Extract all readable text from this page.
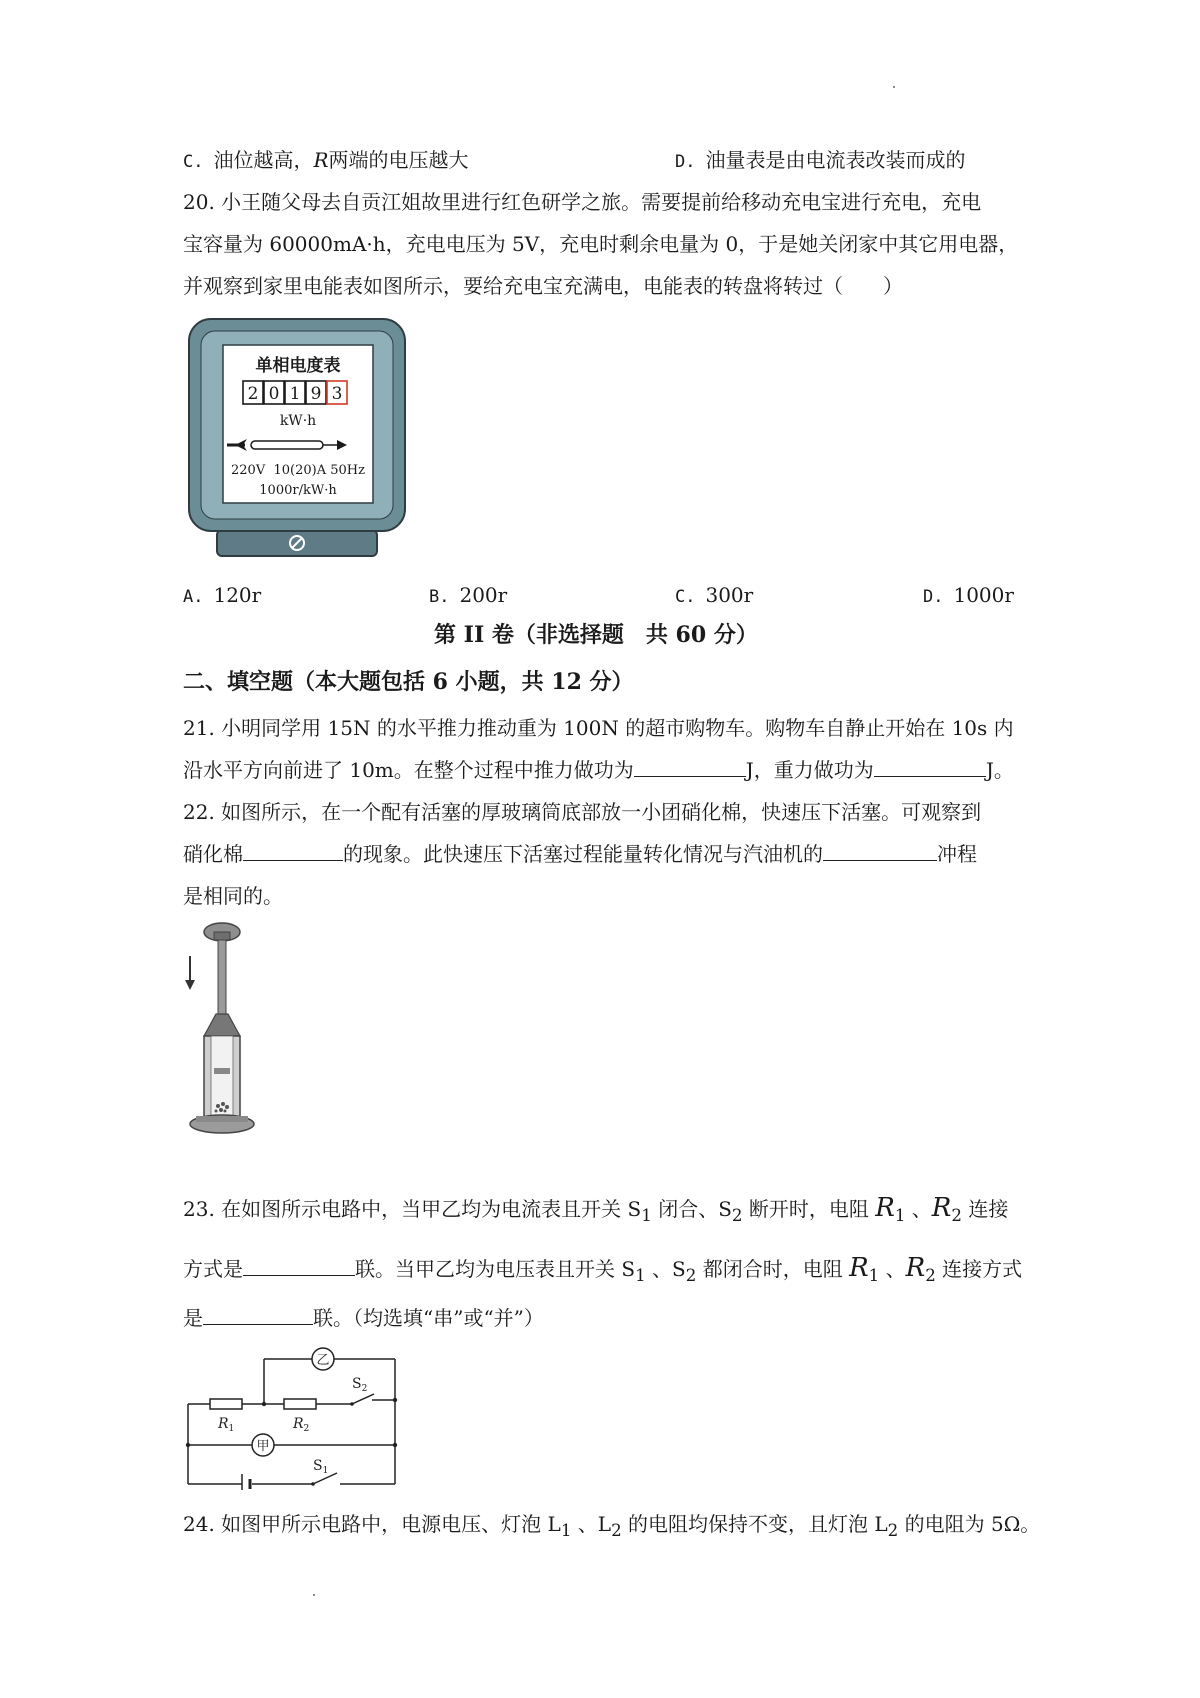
C. 油位越高，R两端的电压越大	D. 油量表是由电流表改装而成的
20. 小王随父母去自贡江姐故里进行红色研学之旅。需要提前给移动充电宝进行充电，充电
宝容量为 60000mA·h，充电电压为 5V，充电时剩余电量为 0，于是她关闭家中其它用电器，
并观察到家里电能表如图所示，要给充电宝充满电，电能表的转盘将转过（　　）
单相电度表
2 0 1 9 3
kW·h
220V  10(20)A 50Hz
1000r/kW·h
A. 120r	B. 200r	C. 300r	D. 1000r
第 II 卷（非选择题　共 60 分）
二、填空题（本大题包括 6 小题，共 12 分）
21. 小明同学用 15N 的水平推力推动重为 100N 的超市购物车。购物车自静止开始在 10s 内
沿水平方向前进了 10m。在整个过程中推力做功为	J，重力做功为	J。
22. 如图所示，在一个配有活塞的厚玻璃筒底部放一小团硝化棉，快速压下活塞。可观察到
硝化棉	的现象。此快速压下活塞过程能量转化情况与汽油机的	冲程
是相同的。
23. 在如图所示电路中，当甲乙均为电流表且开关 $S_1$ 闭合、$S_2$ 断开时，电阻 $R_1$ 、$R_2$ 连接
方式是	联。当甲乙均为电压表且开关 $S_1$ 、$S_2$ 都闭合时，电阻 $R_1$ 、$R_2$ 连接方式
是	联。（均选填“串”或“并”）
乙
甲
$R_1$	$R_2$
$S_1$
$S_2$
24. 如图甲所示电路中，电源电压、灯泡 $L_1$ 、$L_2$ 的电阻均保持不变，且灯泡 $L_2$ 的电阻为 5Ω。
